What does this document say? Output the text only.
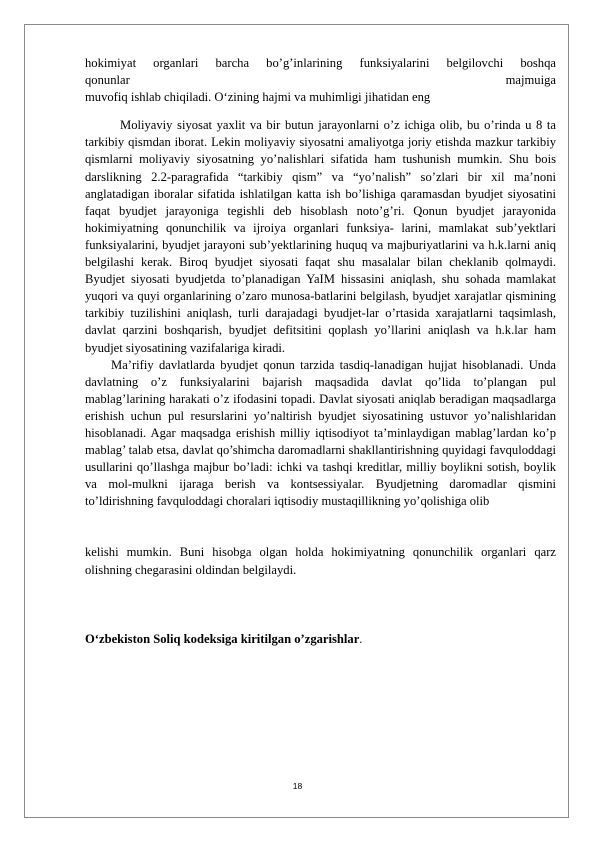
hokimiyat organlari barcha bo’g’inlarining funksiyalarini belgilovchi boshqa

qonunlar	majmuiga

muvofiq ishlab chiqiladi. O‘zining hajmi va muhimligi jihatidan eng

Moliyaviy siyosat yaxlit va bir butun jarayonlarni o’z ichiga olib, bu o’rinda u 8 ta tarkibiy qismdan iborat. Lekin moliyaviy siyosatni amaliyotga joriy etishda mazkur tarkibiy qismlarni moliyaviy siyosatning yo’nalishlari sifatida ham tushunish mumkin. Shu bois darslikning 2.2-paragrafida “tarkibiy qism” va “yo’nalish” so’zlari bir xil ma’noni anglatadigan iboralar sifatida ishlatilgan katta ish bo’lishiga qaramasdan byudjet siyosatini faqat byudjet jarayoniga tegishli deb hisoblash noto’g’ri. Qonun byudjet jarayonida hokimiyatning qonunchilik va ijroiya organlari funksiya- larini, mamlakat sub’yektlari funksiyalarini, byudjet jarayoni sub’yektlarining huquq va majburiyatlarini va h.k.larni aniq belgilashi kerak. Biroq byudjet siyosati faqat shu masalalar bilan cheklanib qolmaydi. Byudjet siyosati byudjetda to’planadigan YaIM hissasini aniqlash, shu sohada mamlakat yuqori va quyi organlarining o’zaro munosa-batlarini belgilash, byudjet xarajatlar qismining tarkibiy tuzilishini aniqlash, turli darajadagi byudjet-lar o’rtasida xarajatlarni taqsimlash, davlat qarzini boshqarish, byudjet defitsitini qoplash yo’llarini aniqlash va h.k.lar ham byudjet siyosatining vazifalariga kiradi.

Ma’rifiy davlatlarda byudjet qonun tarzida tasdiq-lanadigan hujjat hisoblanadi. Unda davlatning o’z funksiyalarini bajarish maqsadida davlat qo’lida to’plangan pul mablag’larining harakati o’z ifodasini topadi. Davlat siyosati aniqlab beradigan maqsadlarga erishish uchun pul resurslarini yo’naltirish byudjet siyosatining ustuvor yo’nalishlaridan hisoblanadi. Agar maqsadga erishish milliy iqtisodiyot ta’minlaydigan mablag’lardan ko’p mablag’ talab etsa, davlat qo’shimcha daromadlarni shakllantirishning quyidagi favquloddagi usullarini qo’llashga majbur bo’ladi: ichki va tashqi kreditlar, milliy boylikni sotish, boylik va mol-mulkni ijaraga berish va kontsessiyalar. Byudjetning daromadlar qismini to’ldirishning favquloddagi choralari iqtisodiy mustaqillikning yo’qolishiga olib

kelishi mumkin. Buni hisobga olgan holda hokimiyatning qonunchilik organlari qarz olishning chegarasini oldindan belgilaydi.

O‘zbekiston Soliq kodeksiga kiritilgan o’zgarishlar.

18
